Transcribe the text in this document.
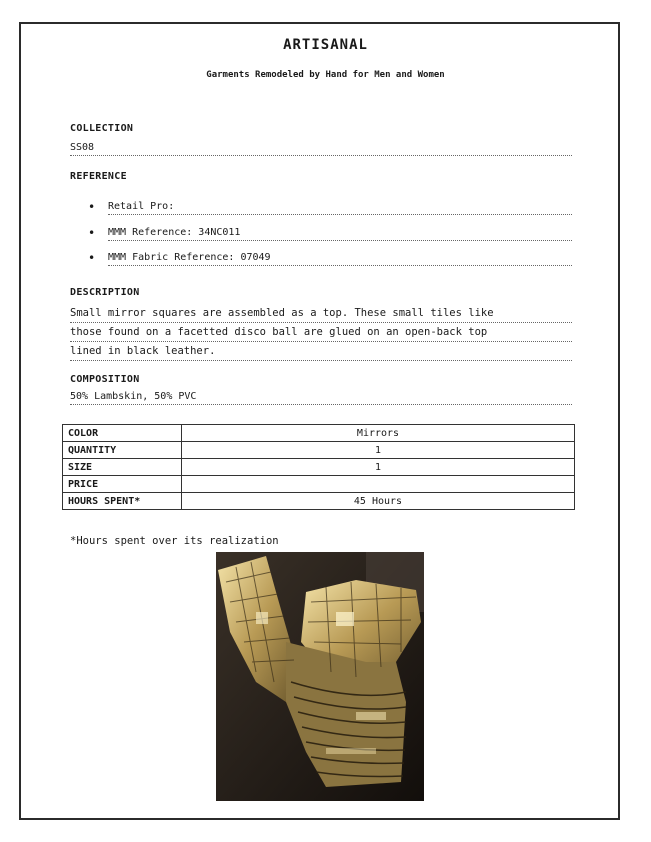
ARTISANAL
Garments Remodeled by Hand for Men and Women
COLLECTION
SS08
REFERENCE
• Retail Pro:
• MMM Reference: 34NC011
• MMM Fabric Reference: 07049
DESCRIPTION
Small mirror squares are assembled as a top. These small tiles like
those found on a facetted disco ball are glued on an open-back top
lined in black leather.
COMPOSITION
50% Lambskin, 50% PVC
COLOR	Mirrors
QUANTITY	1
SIZE	1
PRICE	
HOURS SPENT*	45 Hours
*Hours spent over its realization
